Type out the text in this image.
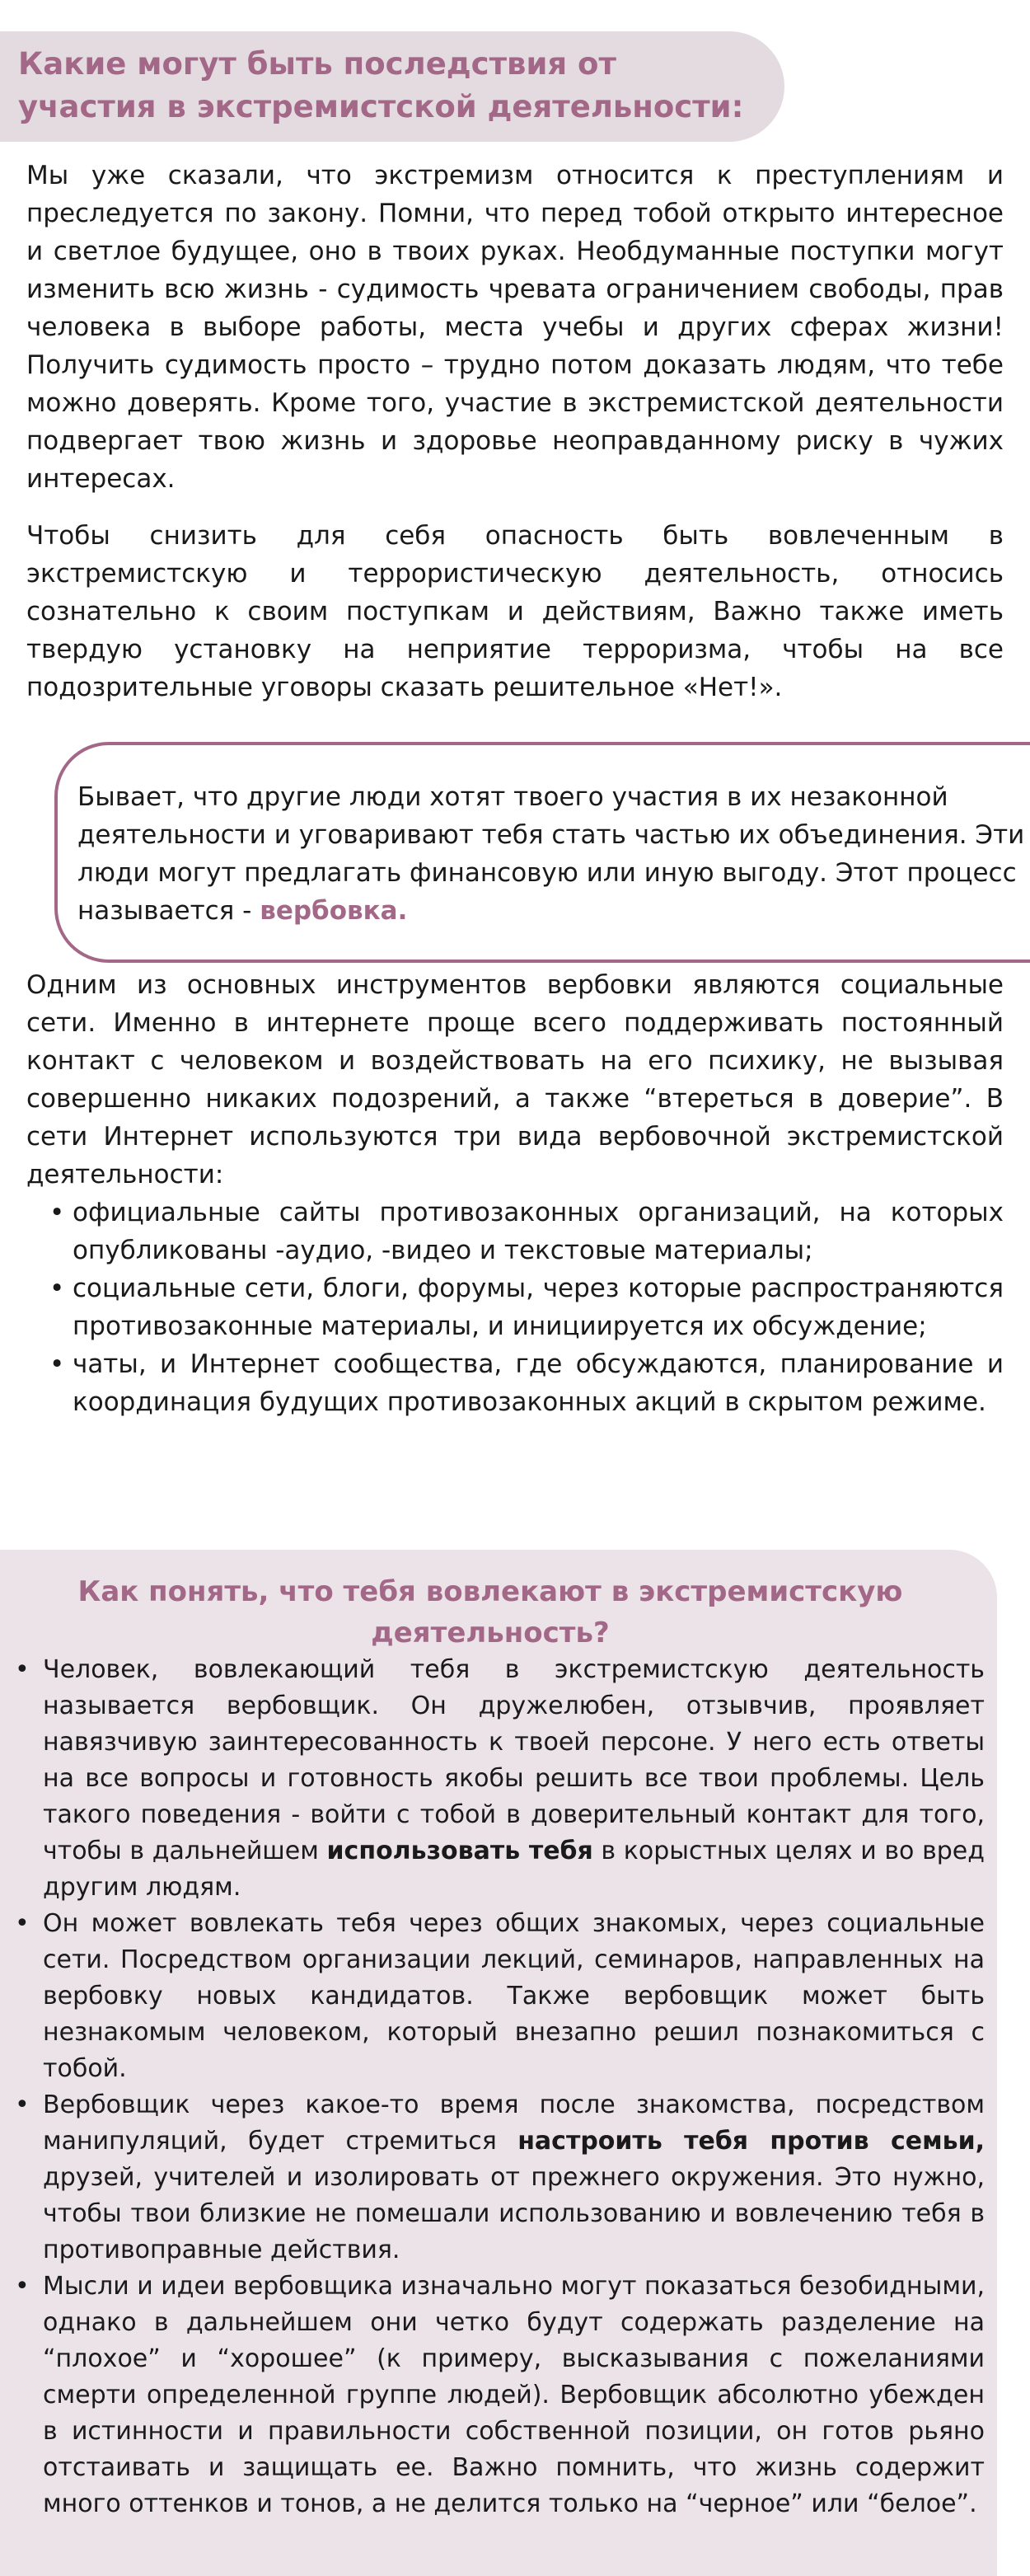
Какие могут быть последствия от
участия в экстремистской деятельности:

Мы уже сказали, что экстремизм относится к преступлениям и преследуется по закону. Помни, что перед тобой открыто интересное и светлое будущее, оно в твоих руках. Необдуманные поступки могут изменить всю жизнь - судимость чревата ограничением свободы, прав человека в выборе работы, места учебы и других сферах жизни! Получить судимость просто – трудно потом доказать людям, что тебе можно доверять. Кроме того, участие в экстремистской деятельности подвергает твою жизнь и здоровье неоправданному риску в чужих интересах.

Чтобы снизить для себя опасность быть вовлеченным в экстремистскую и террористическую деятельность, относись сознательно к своим поступкам и действиям, Важно также иметь твердую установку на неприятие терроризма, чтобы на все подозрительные уговоры сказать решительное «Нет!».

Бывает, что другие люди хотят твоего участия в их незаконной деятельности и уговаривают тебя стать частью их объединения. Эти люди могут предлагать финансовую или иную выгоду. Этот процесс называется - вербовка.

Одним из основных инструментов вербовки являются социальные сети. Именно в интернете проще всего поддерживать постоянный контакт с человеком и воздействовать на его психику, не вызывая совершенно никаких подозрений, а также “втереться в доверие”. В сети Интернет используются три вида вербовочной экстремистской деятельности:

• официальные сайты противозаконных организаций, на которых опубликованы -аудио, -видео и текстовые материалы;
• социальные сети, блоги, форумы, через которые распространяются противозаконные материалы, и инициируется их обсуждение;
• чаты, и Интернет сообщества, где обсуждаются, планирование и координация будущих противозаконных акций в скрытом режиме.
Как понять, что тебя вовлекают в экстремистскую
деятельность?
• Человек, вовлекающий тебя в экстремистскую деятельность называется вербовщик. Он дружелюбен, отзывчив, проявляет навязчивую заинтересованность к твоей персоне. У него есть ответы на все вопросы и готовность якобы решить все твои проблемы. Цель такого поведения - войти с тобой в доверительный контакт для того, чтобы в дальнейшем использовать тебя в корыстных целях и во вред другим людям.
• Он может вовлекать тебя через общих знакомых, через социальные сети. Посредством организации лекций, семинаров, направленных на вербовку новых кандидатов. Также вербовщик может быть незнакомым человеком, который внезапно решил познакомиться с тобой.
• Вербовщик через какое-то время после знакомства, посредством манипуляций, будет стремиться настроить тебя против семьи, друзей, учителей и изолировать от прежнего окружения. Это нужно, чтобы твои близкие не помешали использованию и вовлечению тебя в противоправные действия.
• Мысли и идеи вербовщика изначально могут показаться безобидными, однако в дальнейшем они четко будут содержать разделение на “плохое” и “хорошее” (к примеру, высказывания с пожеланиями смерти определенной группе людей). Вербовщик абсолютно убежден в истинности и правильности собственной позиции, он готов рьяно отстаивать и защищать ее. Важно помнить, что жизнь содержит много оттенков и тонов, а не делится только на “черное” или “белое”.
